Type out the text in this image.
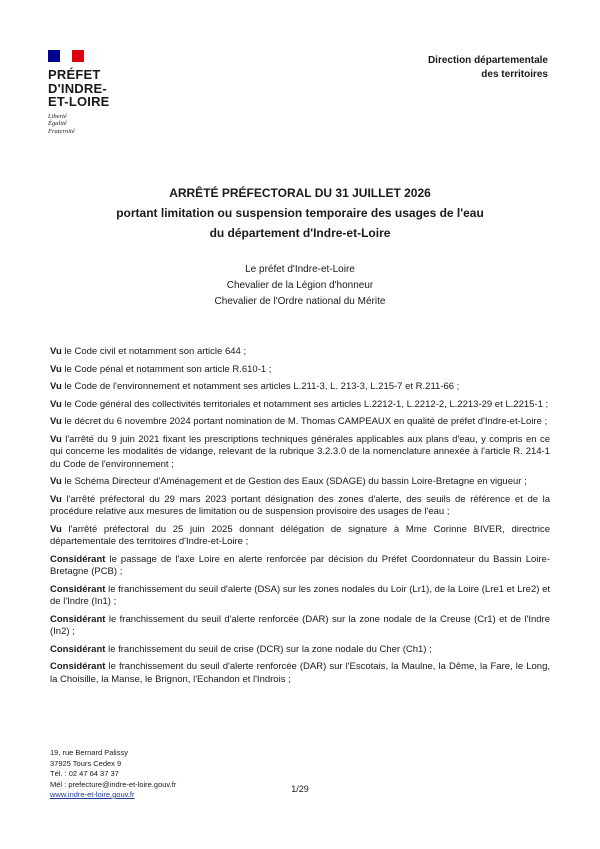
PRÉFET
D'INDRE-
ET-LOIRE
Liberté
Égalité
Fraternité
Direction départementale
des territoires
ARRÊTÉ PRÉFECTORAL DU 31 JUILLET 2026
portant limitation ou suspension temporaire des usages de l'eau
du département d'Indre-et-Loire
Le préfet d'Indre-et-Loire
Chevalier de la Légion d'honneur
Chevalier de l'Ordre national du Mérite

Vu le Code civil et notamment son article 644 ;

Vu le Code pénal et notamment son article R.610-1 ;

Vu le Code de l'environnement et notamment ses articles L.211-3, L. 213-3, L.215-7 et R.211-66 ;

Vu le Code général des collectivités territoriales et notamment ses articles L.2212-1, L.2212-2, L.2213-29 et L.2215-1 ;

Vu le décret du 6 novembre 2024 portant nomination de M. Thomas CAMPEAUX en qualité de préfet d'Indre-et-Loire ;

Vu l'arrêté du 9 juin 2021 fixant les prescriptions techniques générales applicables aux plans d'eau, y compris en ce qui concerne les modalités de vidange, relevant de la rubrique 3.2.3.0 de la nomenclature annexée à l'article R. 214-1 du Code de l'environnement ;

Vu le Schéma Directeur d'Aménagement et de Gestion des Eaux (SDAGE) du bassin Loire-Bretagne en vigueur ;

Vu l'arrêté préfectoral du 29 mars 2023 portant désignation des zones d'alerte, des seuils de référence et de la procédure relative aux mesures de limitation ou de suspension provisoire des usages de l'eau ;

Vu l'arrêté préfectoral du 25 juin 2025 donnant délégation de signature à Mme Corinne BIVER, directrice départementale des territoires d'Indre-et-Loire ;

Considérant le passage de l'axe Loire en alerte renforcée par décision du Préfet Coordonnateur du Bassin Loire-Bretagne (PCB) ;

Considérant le franchissement du seuil d'alerte (DSA) sur les zones nodales du Loir (Lr1), de la Loire (Lre1 et Lre2) et de l'Indre (In1) ;

Considérant le franchissement du seuil d'alerte renforcée (DAR) sur la zone nodale de la Creuse (Cr1) et de l'Indre (In2) ;

Considérant le franchissement du seuil de crise (DCR) sur la zone nodale du Cher (Ch1) ;

Considérant le franchissement du seuil d'alerte renforcée (DAR) sur l'Escotais, la Maulne, la Dême, la Fare, le Long, la Choisille, la Manse, le Brignon, l'Echandon et l'Indrois ;

19, rue Bernard Palissy
37925 Tours Cedex 9
Tél. : 02 47 64 37 37
Mél : prefecture@indre-et-loire.gouv.fr
www.indre-et-loire.gouv.fr
1/29
